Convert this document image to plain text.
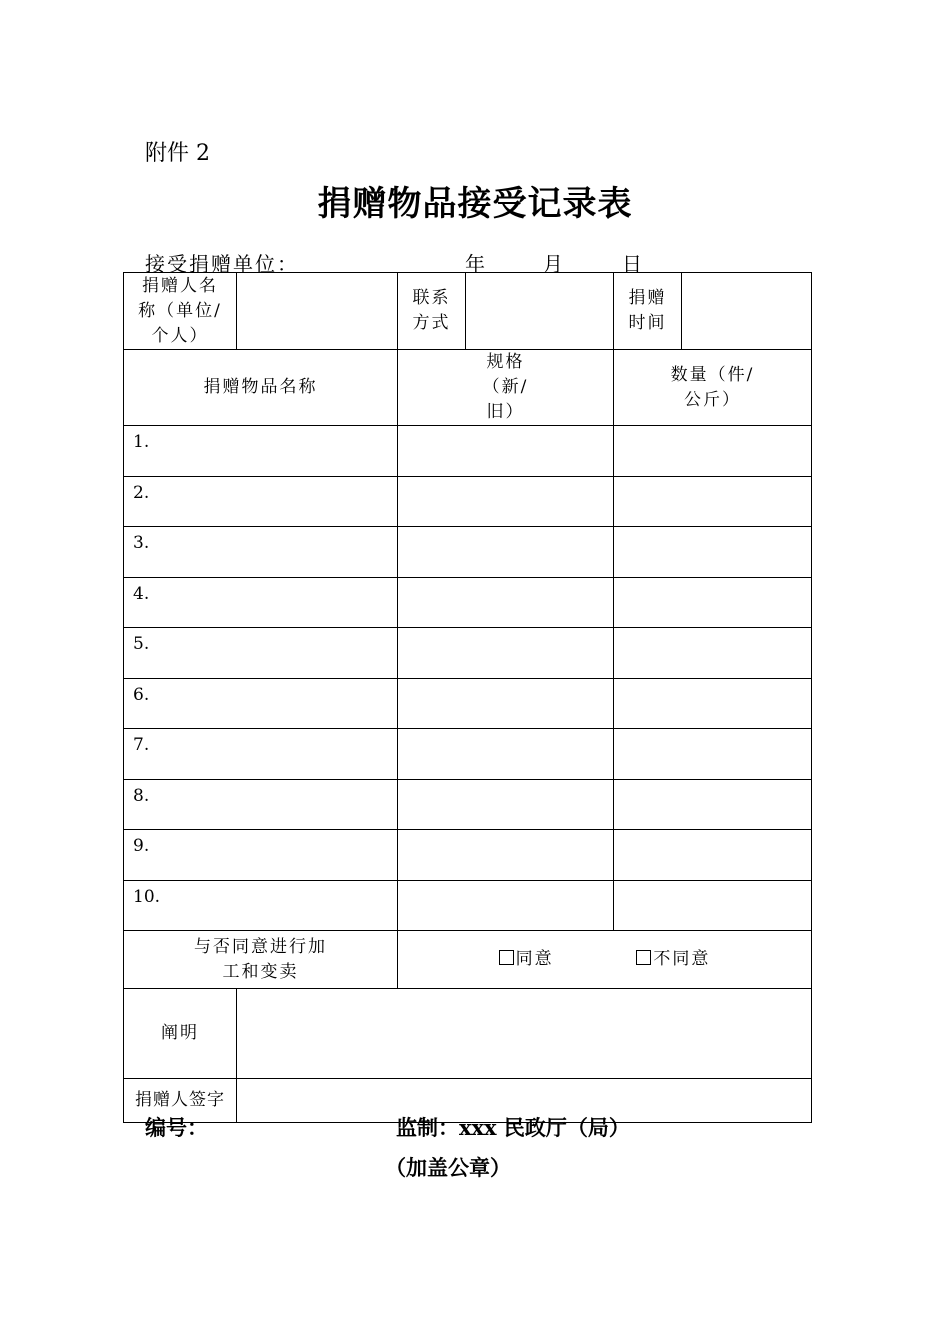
附件 2
捐赠物品接受记录表
接受捐赠单位：	年	月	日
捐赠人名称（单位/个人）		联系方式		捐赠时间	
捐赠物品名称		规格（新/旧）		数量（件/公斤）	
1.					
2.					
3.					
4.					
5.					
6.					
7.					
8.					
9.					
10.					
与否同意进行加工和变卖		同意 不同意			
阐明					
捐赠人签字					
编号：	监制：xxx 民政厅（局）
（加盖公章）
